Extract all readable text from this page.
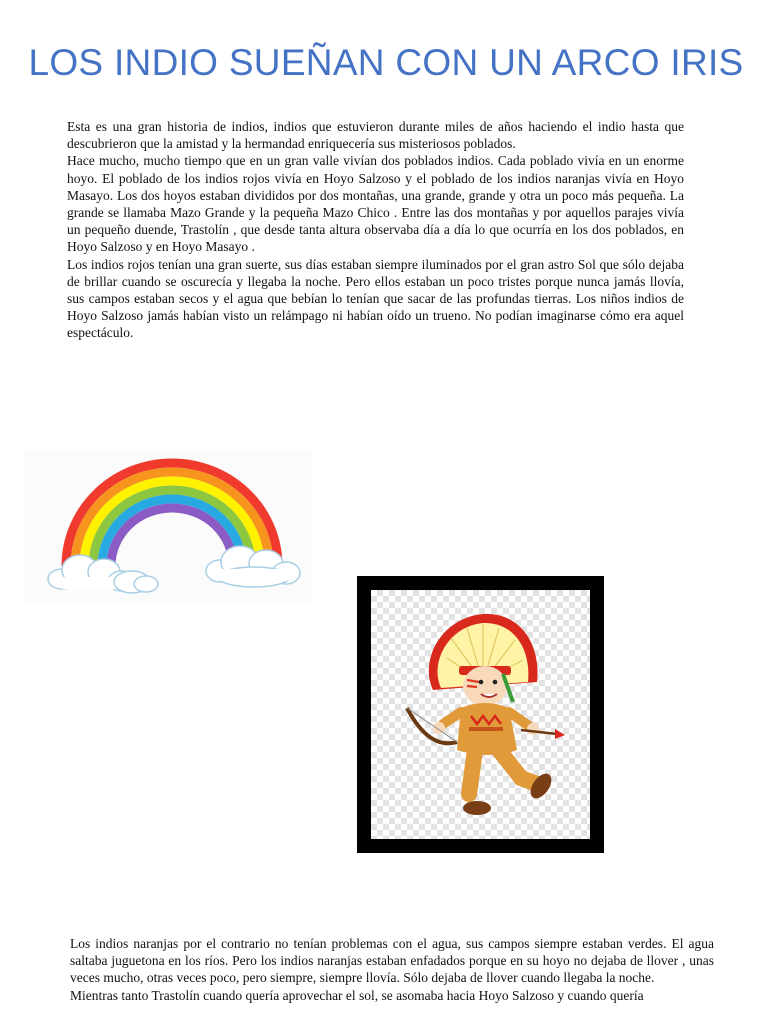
LOS INDIO SUEÑAN CON UN ARCO IRIS

Esta es una gran historia de indios, indios que estuvieron durante miles de años haciendo el indio hasta que descubrieron que la amistad y la hermandad enriquecería sus misteriosos poblados.

Hace mucho, mucho tiempo que en un gran valle vivían dos poblados indios. Cada poblado vivía en un enorme hoyo. El poblado de los indios rojos vivía en Hoyo Salzoso y el poblado de los indios naranjas vivía en Hoyo Masayo. Los dos hoyos estaban divididos por dos montañas, una grande, grande y otra un poco más pequeña. La grande se llamaba Mazo Grande y la pequeña Mazo Chico . Entre las dos montañas y por aquellos parajes vivía un pequeño duende, Trastolín , que desde tanta altura observaba día a día lo que ocurría en los dos poblados, en Hoyo Salzoso y en Hoyo Masayo .

Los indios rojos tenían una gran suerte, sus días estaban siempre iluminados por el gran astro Sol que sólo dejaba de brillar cuando se oscurecía y llegaba la noche. Pero ellos estaban un poco tristes porque nunca jamás llovía, sus campos estaban secos y el agua que bebían lo tenían que sacar de las profundas tierras. Los niños indios de Hoyo Salzoso jamás habían visto un relámpago ni habían oído un trueno. No podían imaginarse cómo era aquel espectáculo.

Los indios naranjas por el contrario no tenían problemas con el agua, sus campos siempre estaban verdes. El agua saltaba juguetona en los ríos. Pero los indios naranjas estaban enfadados porque en su hoyo no dejaba de llover , unas veces mucho, otras veces poco, pero siempre, siempre llovía. Sólo dejaba de llover cuando llegaba la noche.

Mientras tanto Trastolín cuando quería aprovechar el sol, se asomaba hacia Hoyo Salzoso y cuando quería
